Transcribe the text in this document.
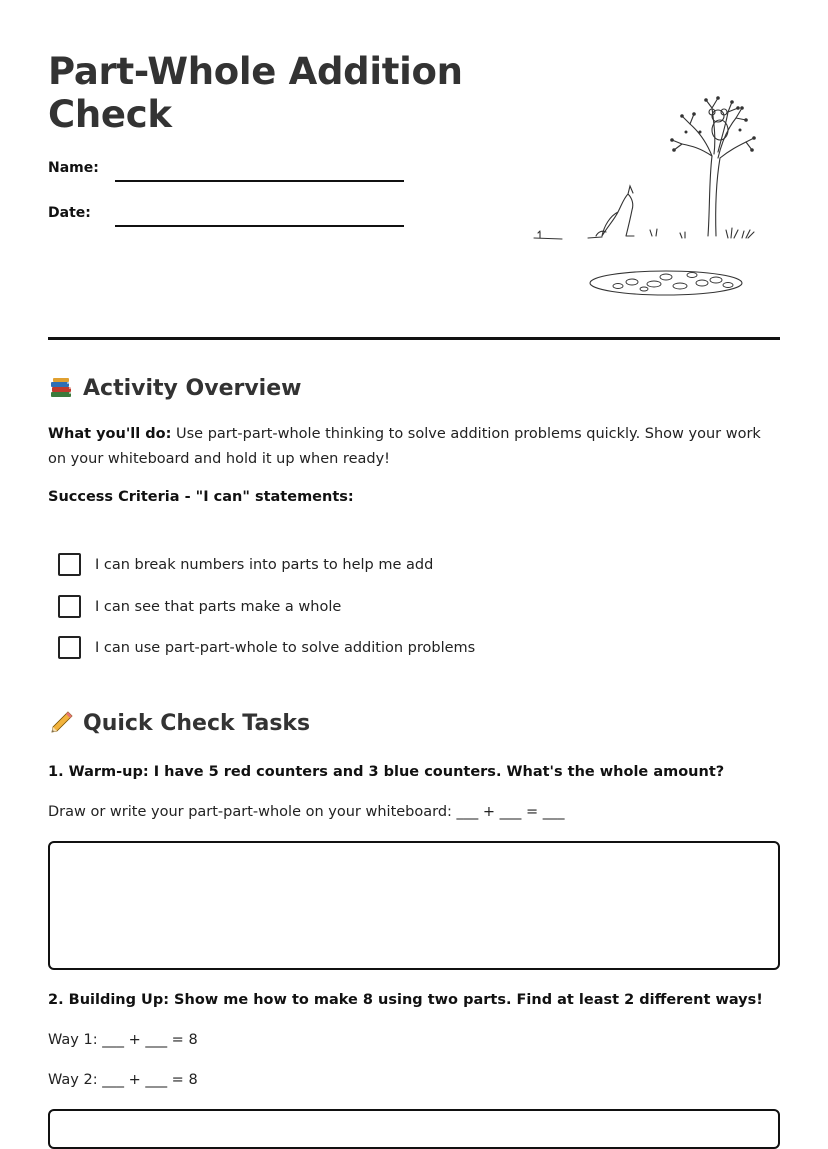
Part-Whole Addition Check
Name:
Date:
Activity Overview

What you'll do: Use part-part-whole thinking to solve addition problems quickly. Show your work on your whiteboard and hold it up when ready!

Success Criteria - "I can" statements:

I can break numbers into parts to help me add
I can see that parts make a whole
I can use part-part-whole to solve addition problems
Quick Check Tasks

1. Warm-up: I have 5 red counters and 3 blue counters. What's the whole amount?

Draw or write your part-part-whole on your whiteboard: ___ + ___ = ___

2. Building Up: Show me how to make 8 using two parts. Find at least 2 different ways!

Way 1: ___ + ___ = 8

Way 2: ___ + ___ = 8
